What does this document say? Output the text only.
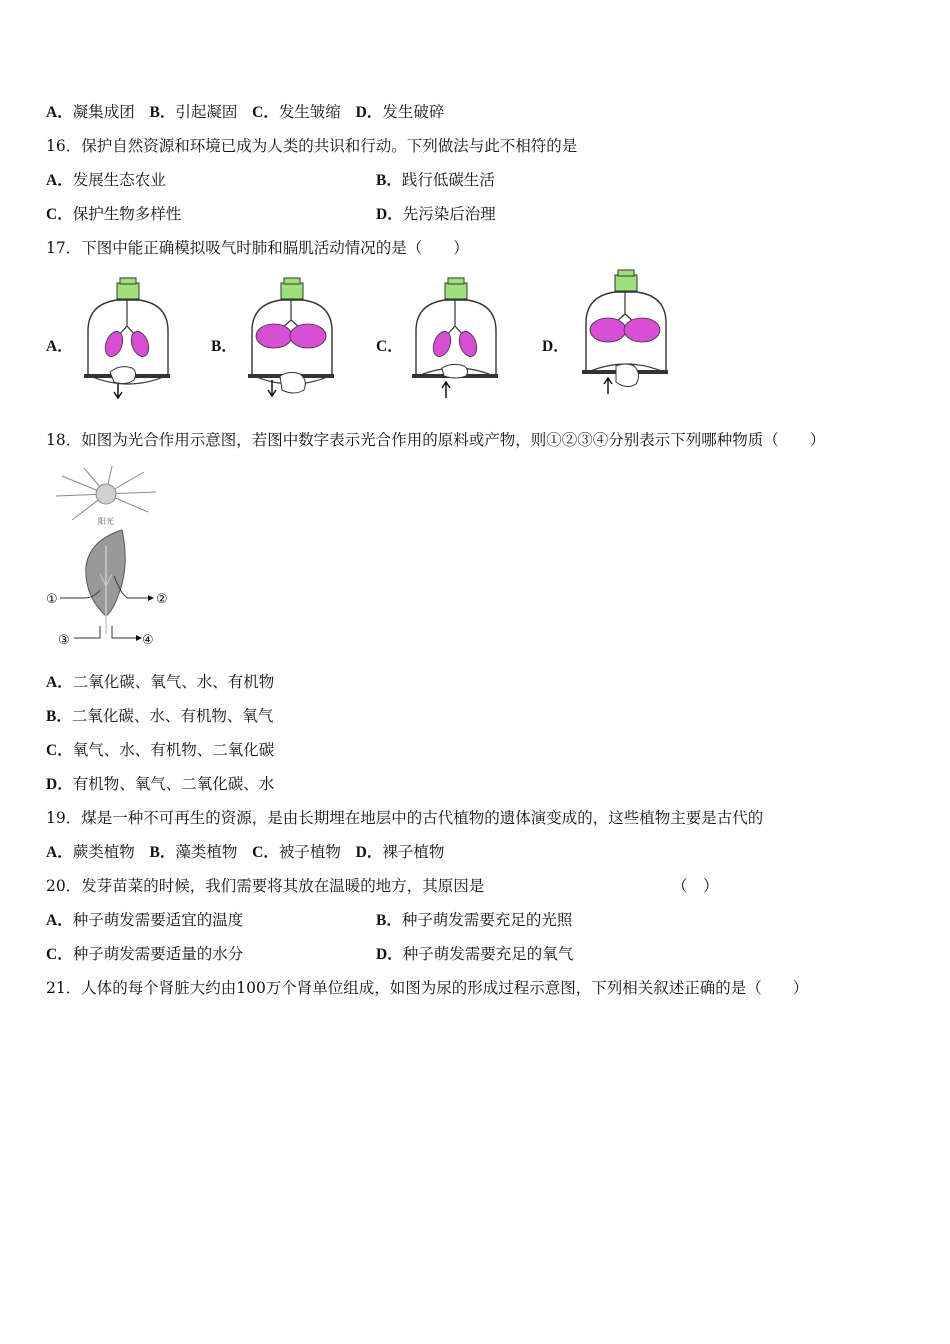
A．凝集成团 B．引起凝固 C．发生皱缩 D．发生破碎
16．保护自然资源和环境已成为人类的共识和行动。下列做法与此不相符的是
A．发展生态农业	B．践行低碳生活
C．保护生物多样性	D．先污染后治理
17．下图中能正确模拟吸气时肺和膈肌活动情况的是（　　）
A．	B．	C．	D．
18．如图为光合作用示意图，若图中数字表示光合作用的原料或产物，则①②③④分别表示下列哪种物质（　　）
阳光
①	②
③	④
A．二氧化碳、氧气、水、有机物
B．二氧化碳、水、有机物、氧气
C．氧气、水、有机物、二氧化碳
D．有机物、氧气、二氧化碳、水
19．煤是一种不可再生的资源，是由长期埋在地层中的古代植物的遗体演变成的，这些植物主要是古代的
A．蕨类植物 B．藻类植物 C．被子植物 D．裸子植物
20．发芽苗菜的时候，我们需要将其放在温暖的地方，其原因是	（　）
A．种子萌发需要适宜的温度	B．种子萌发需要充足的光照
C．种子萌发需要适量的水分	D．种子萌发需要充足的氧气
21．人体的每个肾脏大约由100万个肾单位组成，如图为尿的形成过程示意图，下列相关叙述正确的是（　　）
